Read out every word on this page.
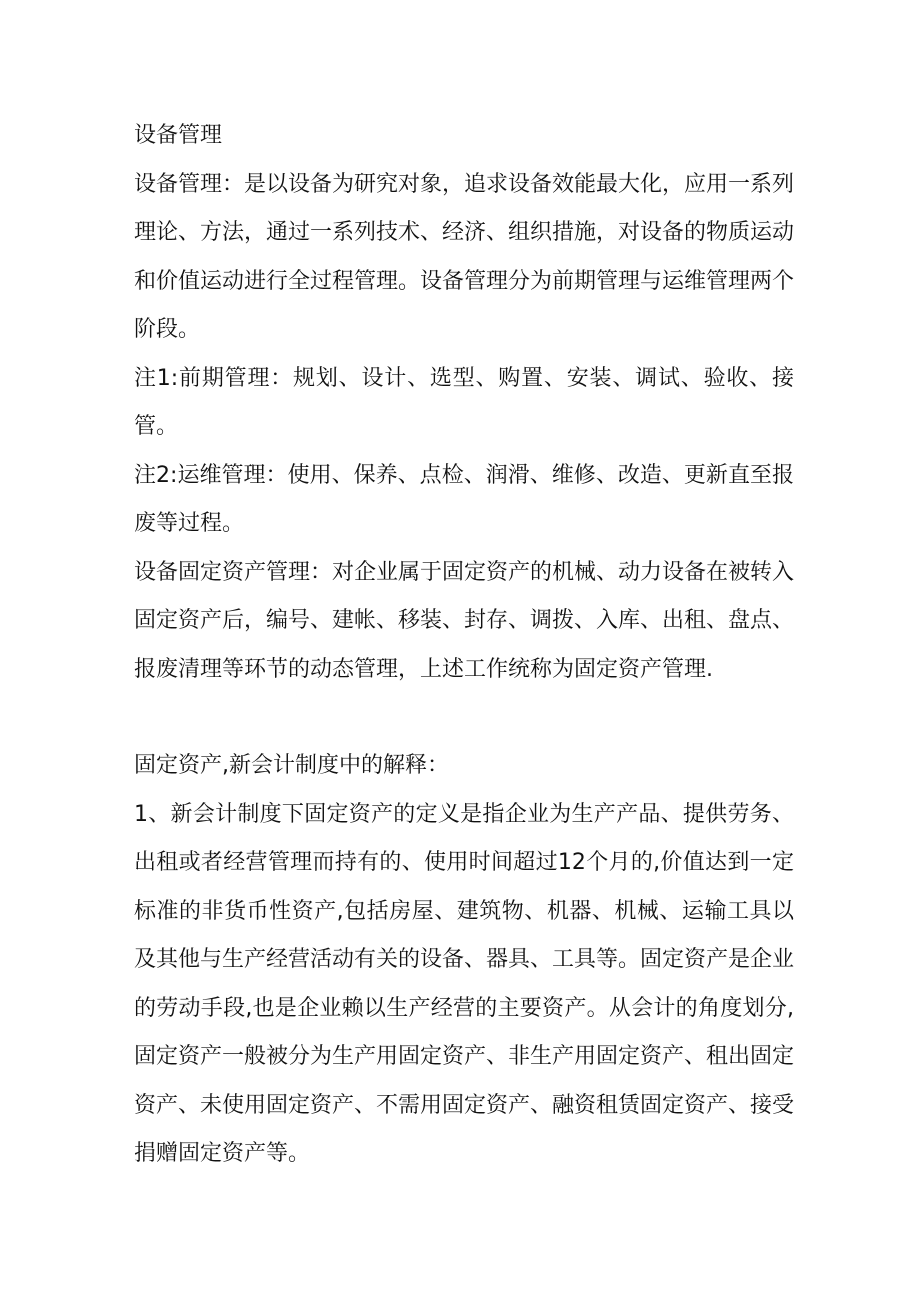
设备管理

设备管理：是以设备为研究对象，追求设备效能最大化，应用一系列理论、方法，通过一系列技术、经济、组织措施，对设备的物质运动和价值运动进行全过程管理。设备管理分为前期管理与运维管理两个阶段。

注1:前期管理：规划、设计、选型、购置、安装、调试、验收、接管。

注2:运维管理：使用、保养、点检、润滑、维修、改造、更新直至报废等过程。

设备固定资产管理：对企业属于固定资产的机械、动力设备在被转入固定资产后，编号、建帐、移装、封存、调拨、入库、出租、盘点、报废清理等环节的动态管理，上述工作统称为固定资产管理.

固定资产,新会计制度中的解释：

1、新会计制度下固定资产的定义是指企业为生产产品、提供劳务、出租或者经营管理而持有的、使用时间超过12个月的,价值达到一定标准的非货币性资产,包括房屋、建筑物、机器、机械、运输工具以及其他与生产经营活动有关的设备、器具、工具等。固定资产是企业的劳动手段,也是企业赖以生产经营的主要资产。从会计的角度划分,固定资产一般被分为生产用固定资产、非生产用固定资产、租出固定资产、未使用固定资产、不需用固定资产、融资租赁固定资产、接受捐赠固定资产等。
